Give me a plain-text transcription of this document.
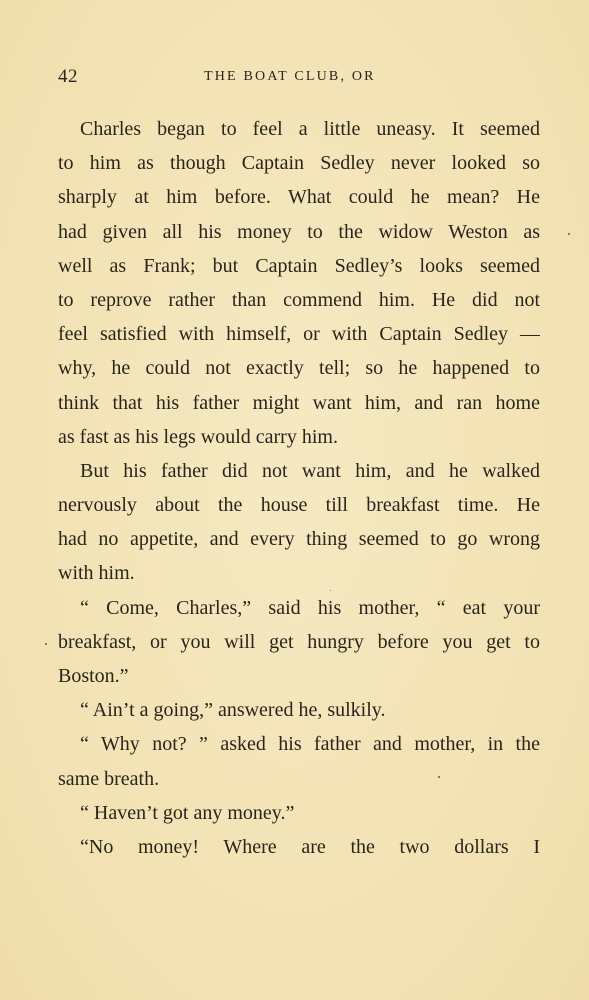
42	THE BOAT CLUB, OR
Charles began to feel a little uneasy. It seemed
to him as though Captain Sedley never looked so
sharply at him before. What could he mean? He
had given all his money to the widow Weston as
well as Frank; but Captain Sedley’s looks seemed
to reprove rather than commend him. He did not
feel satisfied with himself, or with Captain Sedley —
why, he could not exactly tell; so he happened to
think that his father might want him, and ran home
as fast as his legs would carry him.
But his father did not want him, and he walked
nervously about the house till breakfast time. He
had no appetite, and every thing seemed to go wrong
with him.
“ Come, Charles,” said his mother, “ eat your
breakfast, or you will get hungry before you get to
Boston.”
“ Ain’t a going,” answered he, sulkily.
“ Why not? ” asked his father and mother, in the
same breath.
“ Haven’t got any money.”
“No money! Where are the two dollars I
